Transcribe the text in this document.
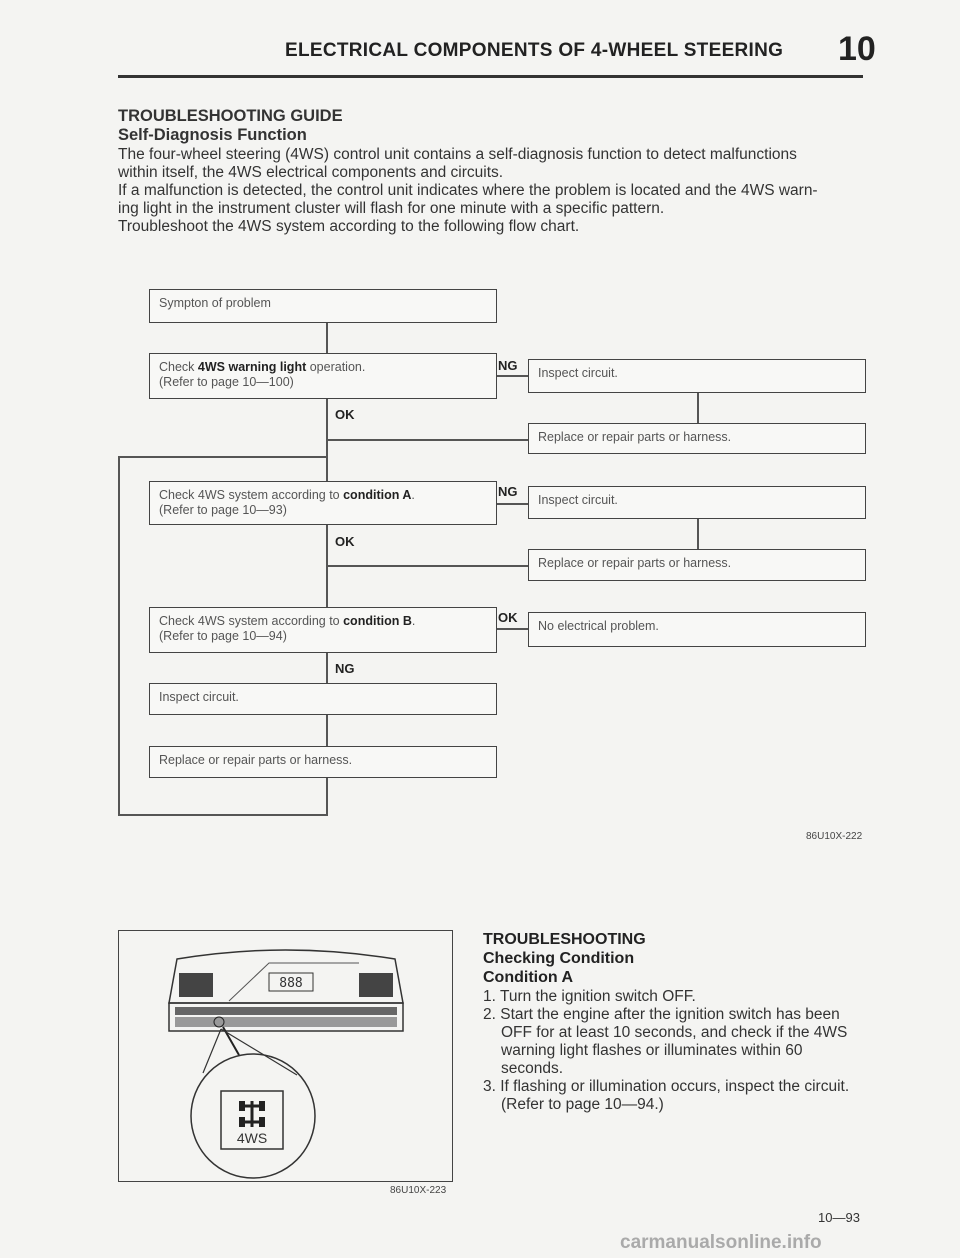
ELECTRICAL COMPONENTS OF 4-WHEEL STEERING 10
TROUBLESHOOTING GUIDE
Self-Diagnosis Function
The four-wheel steering (4WS) control unit contains a self-diagnosis function to detect malfunctions
within itself, the 4WS electrical components and circuits.
If a malfunction is detected, the control unit indicates where the problem is located and the 4WS warn-
ing light in the instrument cluster will flash for one minute with a specific pattern.
Troubleshoot the 4WS system according to the following flow chart.
Sympton of problem
Check 4WS warning light operation.
(Refer to page 10—100)
NG	Inspect circuit.
Replace or repair parts or harness.
OK
Check 4WS system according to condition A.
(Refer to page 10—93)
NG
Inspect circuit.
Replace or repair parts or harness.
OK
Check 4WS system according to condition B.
(Refer to page 10—94)
OK
No electrical problem.
NG
Inspect circuit.
Replace or repair parts or harness.
86U10X-222
888
4WS
86U10X-223
TROUBLESHOOTING
Checking Condition
Condition A
1. Turn the ignition switch OFF.
2. Start the engine after the ignition switch has been
OFF for at least 10 seconds, and check if the 4WS
warning light flashes or illuminates within 60
seconds.
3. If flashing or illumination occurs, inspect the circuit.
(Refer to page 10—94.)
10—93
carmanualsonline.info
